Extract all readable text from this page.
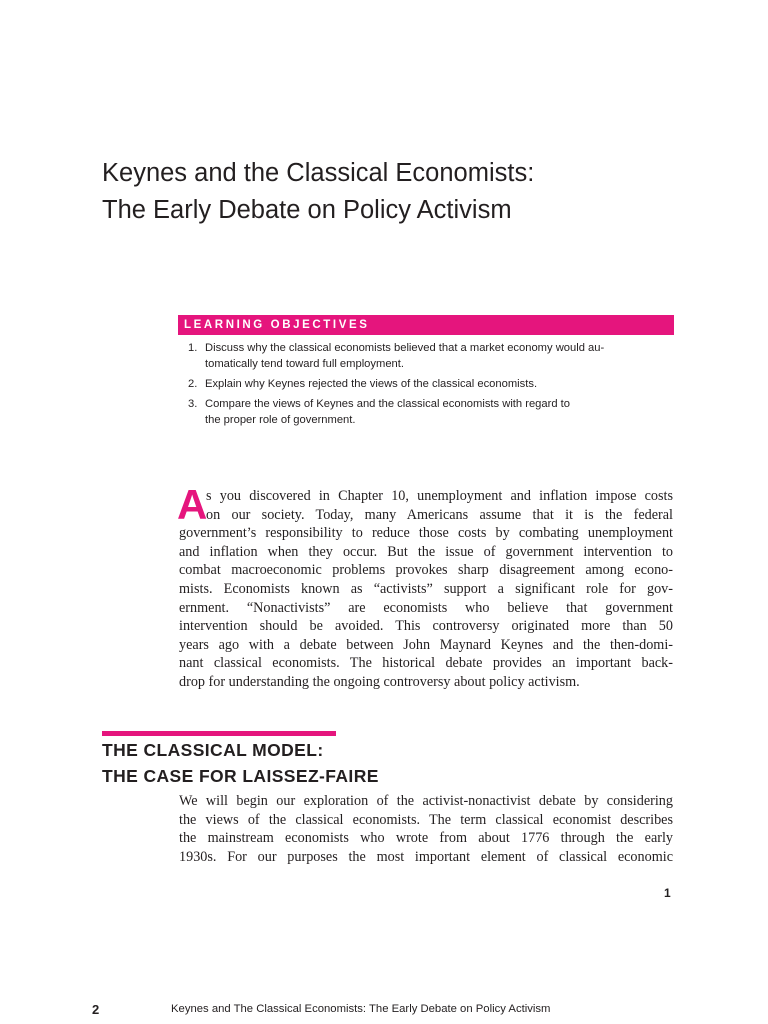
Keynes and the Classical Economists:
The Early Debate on Policy Activism
LEARNING OBJECTIVES
1. Discuss why the classical economists believed that a market economy would au-
tomatically tend toward full employment.
2. Explain why Keynes rejected the views of the classical economists.
3. Compare the views of Keynes and the classical economists with regard to
the proper role of government.
A
s you discovered in Chapter 10, unemployment and inflation impose costs
on our society. Today, many Americans assume that it is the federal
government’s responsibility to reduce those costs by combating unemployment
and inflation when they occur. But the issue of government intervention to
combat macroeconomic problems provokes sharp disagreement among econo-
mists. Economists known as “activists” support a significant role for gov-
ernment. “Nonactivists” are economists who believe that government
intervention should be avoided. This controversy originated more than 50
years ago with a debate between John Maynard Keynes and the then-domi-
nant classical economists. The historical debate provides an important back-
drop for understanding the ongoing controversy about policy activism.
THE CLASSICAL MODEL:
THE CASE FOR LAISSEZ-FAIRE
We will begin our exploration of the activist-nonactivist debate by considering
the views of the classical economists. The term classical economist describes
the mainstream economists who wrote from about 1776 through the early
1930s. For our purposes the most important element of classical economic
1
2	Keynes and The Classical Economists: The Early Debate on Policy Activism
